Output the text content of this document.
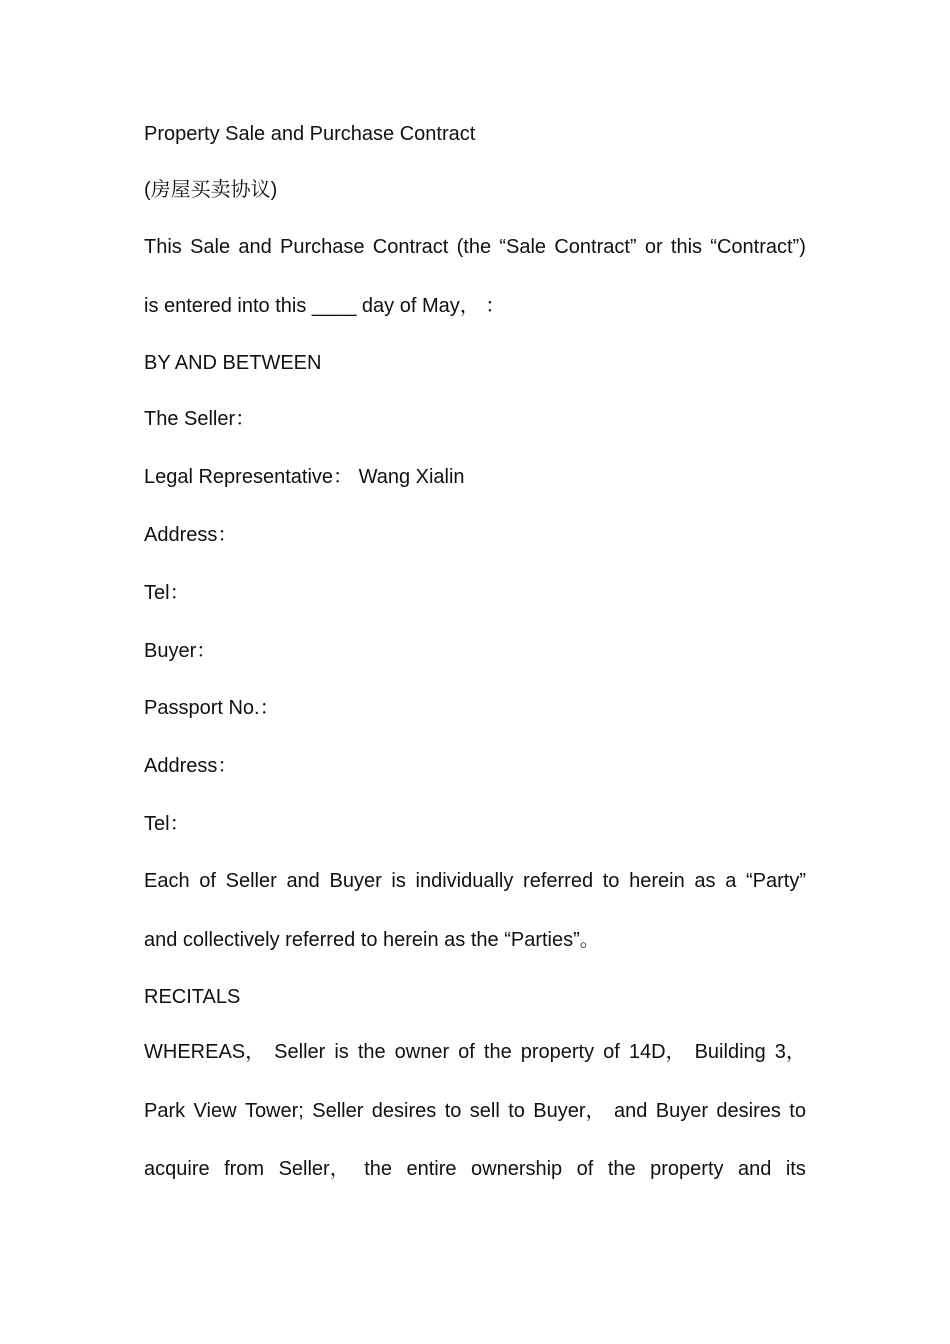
Property Sale and Purchase Contract
(房屋买卖协议)
This Sale and Purchase Contract (the “Sale Contract” or this “Contract”)
is entered into this ____ day of May， ：
BY AND BETWEEN
The Seller：
Legal Representative： Wang Xialin
Address：
Tel：
Buyer：
Passport No.：
Address：
Tel：
Each of Seller and Buyer is individually referred to herein as a “Party”
and collectively referred to herein as the “Parties”。
RECITALS
WHEREAS， Seller is the owner of the property of 14D， Building 3，
Park View Tower; Seller desires to sell to Buyer， and Buyer desires to
acquire from Seller， the entire ownership of the property and its
